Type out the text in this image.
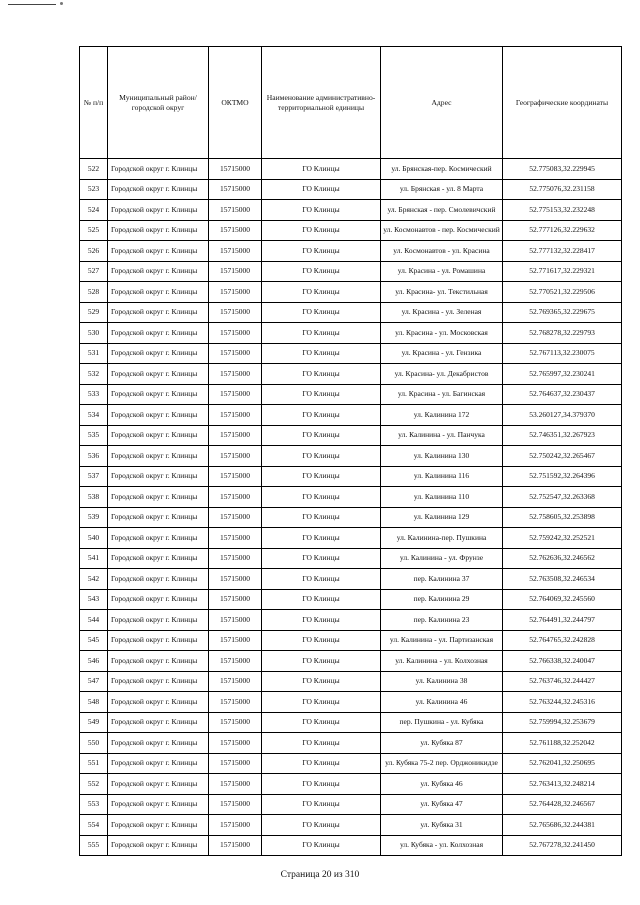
№ п/п	Муниципальный район/городской округ	ОКТМО	Наименование административно-территориальной единицы	Адрес	Географические координаты
522	Городской округ г. Клинцы	15715000	ГО Клинцы	ул. Брянская-пер. Космический	52.775083,32.229945
523	Городской округ г. Клинцы	15715000	ГО Клинцы	ул. Брянская - ул. 8 Марта	52.775076,32.231158
524	Городской округ г. Клинцы	15715000	ГО Клинцы	ул. Брянская - пер. Смолевичский	52.775153,32.232248
525	Городской округ г. Клинцы	15715000	ГО Клинцы	ул. Космонавтов - пер. Космический	52.777126,32.229632
526	Городской округ г. Клинцы	15715000	ГО Клинцы	ул. Космонавтов - ул. Красина	52.777132,32.228417
527	Городской округ г. Клинцы	15715000	ГО Клинцы	ул. Красина - ул. Ромашина	52.771617,32.229321
528	Городской округ г. Клинцы	15715000	ГО Клинцы	ул. Красина- ул. Текстильная	52.770521,32.229506
529	Городской округ г. Клинцы	15715000	ГО Клинцы	ул. Красина - ул. Зеленая	52.769365,32.229675
530	Городской округ г. Клинцы	15715000	ГО Клинцы	ул. Красина - ул. Московская	52.768278,32.229793
531	Городской округ г. Клинцы	15715000	ГО Клинцы	ул. Красина - ул. Гензика	52.767113,32.230075
532	Городской округ г. Клинцы	15715000	ГО Клинцы	ул. Красина- ул. Декабристов	52.765997,32.230241
533	Городской округ г. Клинцы	15715000	ГО Клинцы	ул. Красина - ул. Багинская	52.764637,32.230437
534	Городской округ г. Клинцы	15715000	ГО Клинцы	ул. Калинина 172	53.260127,34.379370
535	Городской округ г. Клинцы	15715000	ГО Клинцы	ул. Калинина - ул. Панчука	52.746351,32.267923
536	Городской округ г. Клинцы	15715000	ГО Клинцы	ул. Калинина 130	52.750242,32.265467
537	Городской округ г. Клинцы	15715000	ГО Клинцы	ул. Калинина 116	52.751592,32.264396
538	Городской округ г. Клинцы	15715000	ГО Клинцы	ул. Калинина 110	52.752547,32.263368
539	Городской округ г. Клинцы	15715000	ГО Клинцы	ул. Калинина 129	52.758605,32.253898
540	Городской округ г. Клинцы	15715000	ГО Клинцы	ул. Калинина-пер. Пушкина	52.759242,32.252521
541	Городской округ г. Клинцы	15715000	ГО Клинцы	ул. Калинина - ул. Фрунзе	52.762636,32.246562
542	Городской округ г. Клинцы	15715000	ГО Клинцы	пер. Калинина 37	52.763508,32.246534
543	Городской округ г. Клинцы	15715000	ГО Клинцы	пер. Калинина 29	52.764069,32.245560
544	Городской округ г. Клинцы	15715000	ГО Клинцы	пер. Калинина 23	52.764491,32.244797
545	Городской округ г. Клинцы	15715000	ГО Клинцы	ул. Калинина - ул. Партизанская	52.764765,32.242828
546	Городской округ г. Клинцы	15715000	ГО Клинцы	ул. Калинина - ул. Колхозная	52.766338,32.240047
547	Городской округ г. Клинцы	15715000	ГО Клинцы	ул. Калинина 38	52.763746,32.244427
548	Городской округ г. Клинцы	15715000	ГО Клинцы	ул. Калинина 46	52.763244,32.245316
549	Городской округ г. Клинцы	15715000	ГО Клинцы	пер. Пушкина - ул. Кубяка	52.759994,32.253679
550	Городской округ г. Клинцы	15715000	ГО Клинцы	ул. Кубяка 87	52.761188,32.252042
551	Городской округ г. Клинцы	15715000	ГО Клинцы	ул. Кубяка 75-2 пер. Орджоникидзе	52.762041,32.250695
552	Городской округ г. Клинцы	15715000	ГО Клинцы	ул. Кубяка 46	52.763413,32.248214
553	Городской округ г. Клинцы	15715000	ГО Клинцы	ул. Кубяка 47	52.764428,32.246567
554	Городской округ г. Клинцы	15715000	ГО Клинцы	ул. Кубяка 31	52.765686,32.244381
555	Городской округ г. Клинцы	15715000	ГО Клинцы	ул. Кубяка - ул. Колхозная	52.767278,32.241450
Страница 20 из 310
